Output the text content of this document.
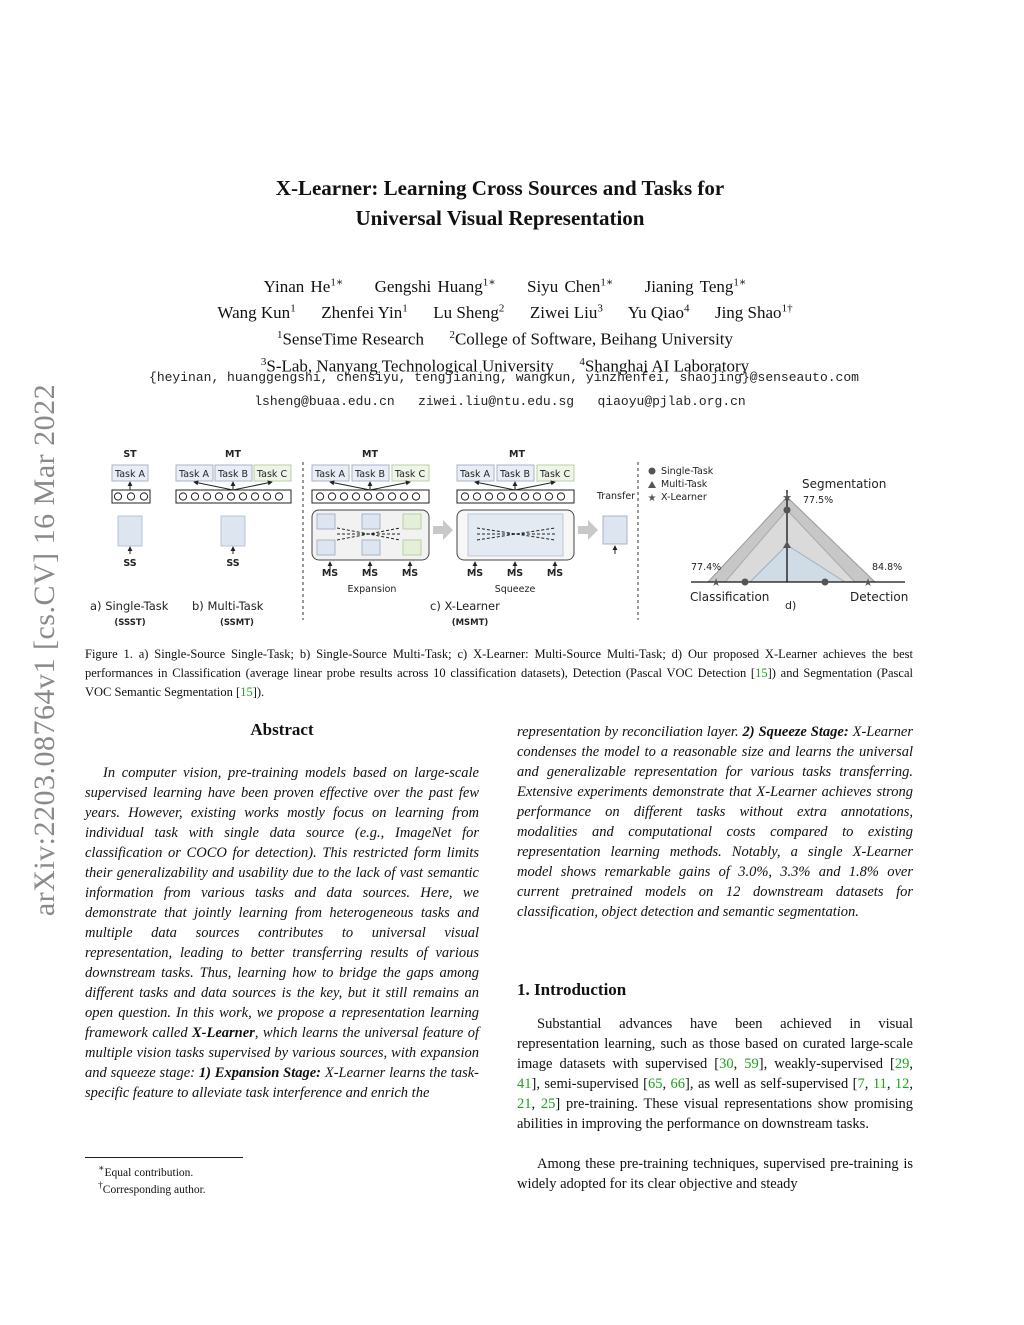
arXiv:2203.08764v1 [cs.CV] 16 Mar 2022
X-Learner: Learning Cross Sources and Tasks for
Universal Visual Representation
Yinan $He^{1∗}$ Gengshi Huang$^{1∗}$ Siyu Chen$^{1∗}$ Jianing Teng$^{1∗}$
Wang Kun$^1$ Zhenfei Yin$^1$ Lu Sheng$^2$ Ziwei Liu$^3$ Yu Qiao$^4$ Jing Shao$^{1\dagger}$
$^1$SenseTime Research $^2$College of Software, Beihang University
$^3$S-Lab, Nanyang Technological University $^4$Shanghai AI Laboratory
{heyinan, huanggengshi, chensiyu, tengjianing, wangkun, yinzhenfei, shaojing}@senseauto.com
lsheng@buaa.edu.cn   ziwei.liu@ntu.edu.sg   qiaoyu@pjlab.org.cn
ST
Task A
SS
MT
Task A Task B Task C
SS
MT
Task A Task B Task C
MS MS MS
Expansion
MT
Task A Task B Task C
MS MS MS
Squeeze
Transfer
a) Single-Task
(SSST)
b) Multi-Task
(SSMT)
c) X-Learner
(MSMT)
Single-Task
Multi-Task
★ X-Learner	★
★	★
Segmentation
77.5%
77.4%	84.8%
Classification	Detection
d)
Figure 1. a) Single-Source Single-Task; b) Single-Source Multi-Task; c) X-Learner: Multi-Source Multi-Task; d) Our proposed X-Learner achieves the best performances in Classification (average linear probe results across 10 classification datasets), Detection (Pascal VOC Detection [15]) and Segmentation (Pascal VOC Semantic Segmentation [15]).
Abstract
In computer vision, pre-training models based on large-scale supervised learning have been proven effective over the past few years. However, existing works mostly focus on learning from individual task with single data source (e.g., ImageNet for classification or COCO for detection). This restricted form limits their generalizability and usability due to the lack of vast semantic information from various tasks and data sources. Here, we demonstrate that jointly learning from heterogeneous tasks and multiple data sources contributes to universal visual representation, leading to better transferring results of various downstream tasks. Thus, learning how to bridge the gaps among different tasks and data sources is the key, but it still remains an open question. In this work, we propose a representation learning framework called X-Learner, which learns the universal feature of multiple vision tasks supervised by various sources, with expansion and squeeze stage: 1) Expansion Stage: X-Learner learns the task-specific feature to alleviate task interference and enrich the
∗Equal contribution.
†Corresponding author.
representation by reconciliation layer. 2) Squeeze Stage: X-Learner condenses the model to a reasonable size and learns the universal and generalizable representation for various tasks transferring. Extensive experiments demonstrate that X-Learner achieves strong performance on different tasks without extra annotations, modalities and computational costs compared to existing representation learning methods. Notably, a single X-Learner model shows remarkable gains of 3.0%, 3.3% and 1.8% over current pretrained models on 12 downstream datasets for classification, object detection and semantic segmentation.
1. Introduction
Substantial advances have been achieved in visual representation learning, such as those based on curated large-scale image datasets with supervised [30, 59], weakly-supervised [29, 41], semi-supervised [65, 66], as well as self-supervised [7, 11, 12, 21, 25] pre-training. These visual representations show promising abilities in improving the performance on downstream tasks.
Among these pre-training techniques, supervised pre-training is widely adopted for its clear objective and steady
